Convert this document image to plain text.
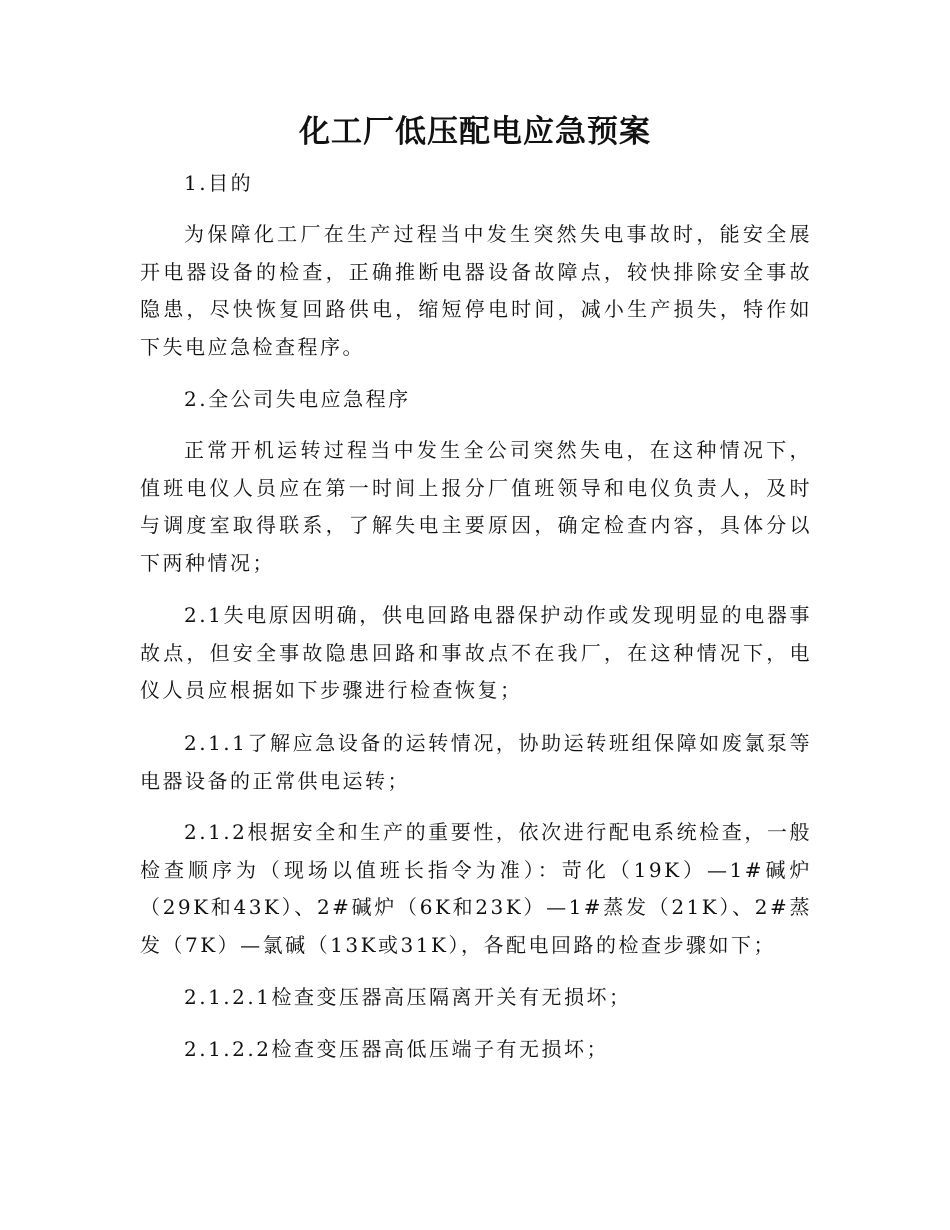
化工厂低压配电应急预案

1.目的

为保障化工厂在生产过程当中发生突然失电事故时，能安全展开电器设备的检查，正确推断电器设备故障点，较快排除安全事故隐患，尽快恢复回路供电，缩短停电时间，减小生产损失，特作如下失电应急检查程序。

2.全公司失电应急程序

正常开机运转过程当中发生全公司突然失电，在这种情况下，值班电仪人员应在第一时间上报分厂值班领导和电仪负责人，及时与调度室取得联系，了解失电主要原因，确定检查内容，具体分以下两种情况；

2.1失电原因明确，供电回路电器保护动作或发现明显的电器事故点，但安全事故隐患回路和事故点不在我厂，在这种情况下，电仪人员应根据如下步骤进行检查恢复；

2.1.1了解应急设备的运转情况，协助运转班组保障如废氯泵等电器设备的正常供电运转；

2.1.2根据安全和生产的重要性，依次进行配电系统检查，一般检查顺序为（现场以值班长指令为准）：苛化（19K）—1#碱炉（29K和43K）、2#碱炉（6K和23K）—1#蒸发（21K）、2#蒸发（7K）—氯碱（13K或31K），各配电回路的检查步骤如下；

2.1.2.1检查变压器高压隔离开关有无损坏；

2.1.2.2检查变压器高低压端子有无损坏；
